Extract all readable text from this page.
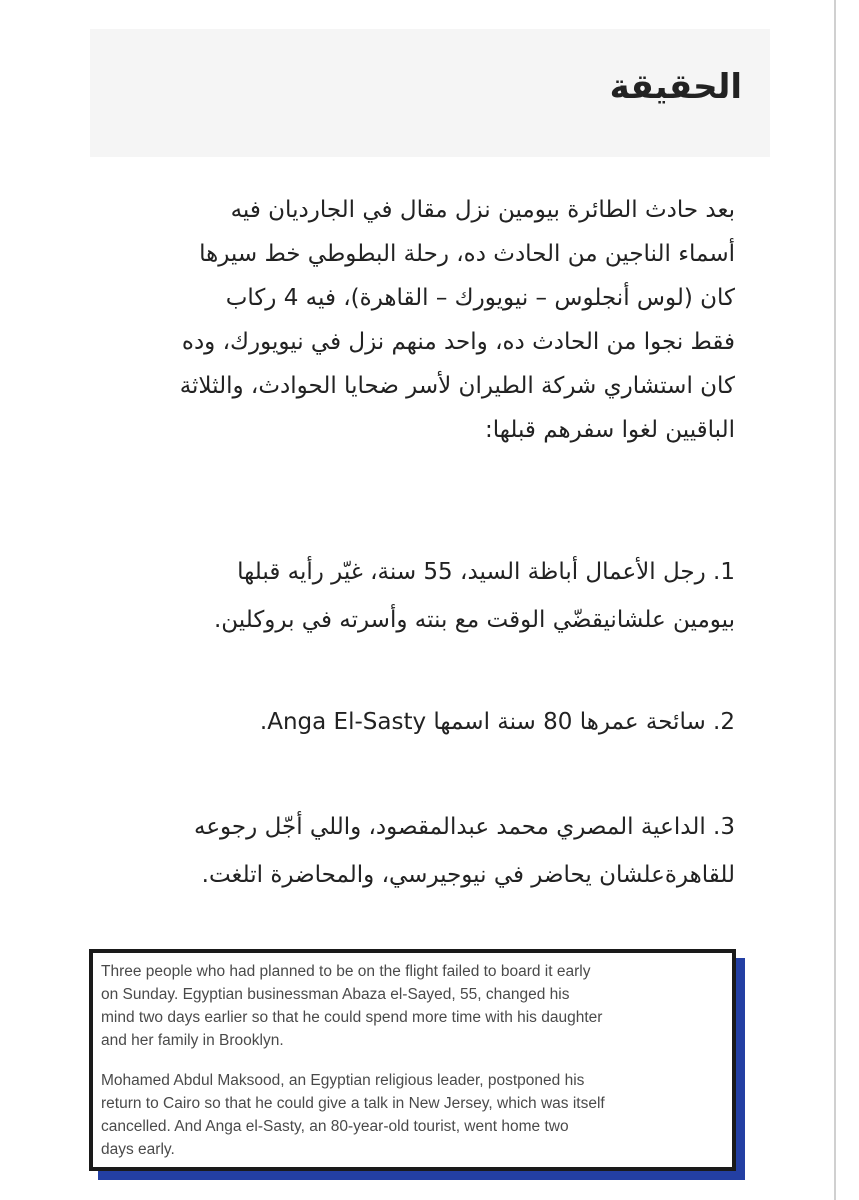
الحقيقة
بعد حادث الطائرة بيومين نزل مقال في الجارديان فيه
أسماء الناجين من الحادث ده، رحلة البطوطي خط سيرها
كان (لوس أنجلوس – نيويورك – القاهرة)، فيه 4 ركاب
فقط نجوا من الحادث ده، واحد منهم نزل في نيويورك، وده
كان استشاري شركة الطيران لأسر ضحايا الحوادث، والثلاثة
الباقيين لغوا سفرهم قبلها:
1. رجل الأعمال أباظة السيد، 55 سنة، غيّر رأيه قبلها
بيومين علشانيقضّي الوقت مع بنته وأسرته في بروكلين.
2. سائحة عمرها 80 سنة اسمها Anga El-Sasty.
3. الداعية المصري محمد عبدالمقصود، واللي أجّل رجوعه
للقاهرةعلشان يحاضر في نيوجيرسي، والمحاضرة اتلغت.
Three people who had planned to be on the flight failed to board it early
on Sunday. Egyptian businessman Abaza el-Sayed, 55, changed his
mind two days earlier so that he could spend more time with his daughter
and her family in Brooklyn.
Mohamed Abdul Maksood, an Egyptian religious leader, postponed his
return to Cairo so that he could give a talk in New Jersey, which was itself
cancelled. And Anga el-Sasty, an 80-year-old tourist, went home two
days early.
